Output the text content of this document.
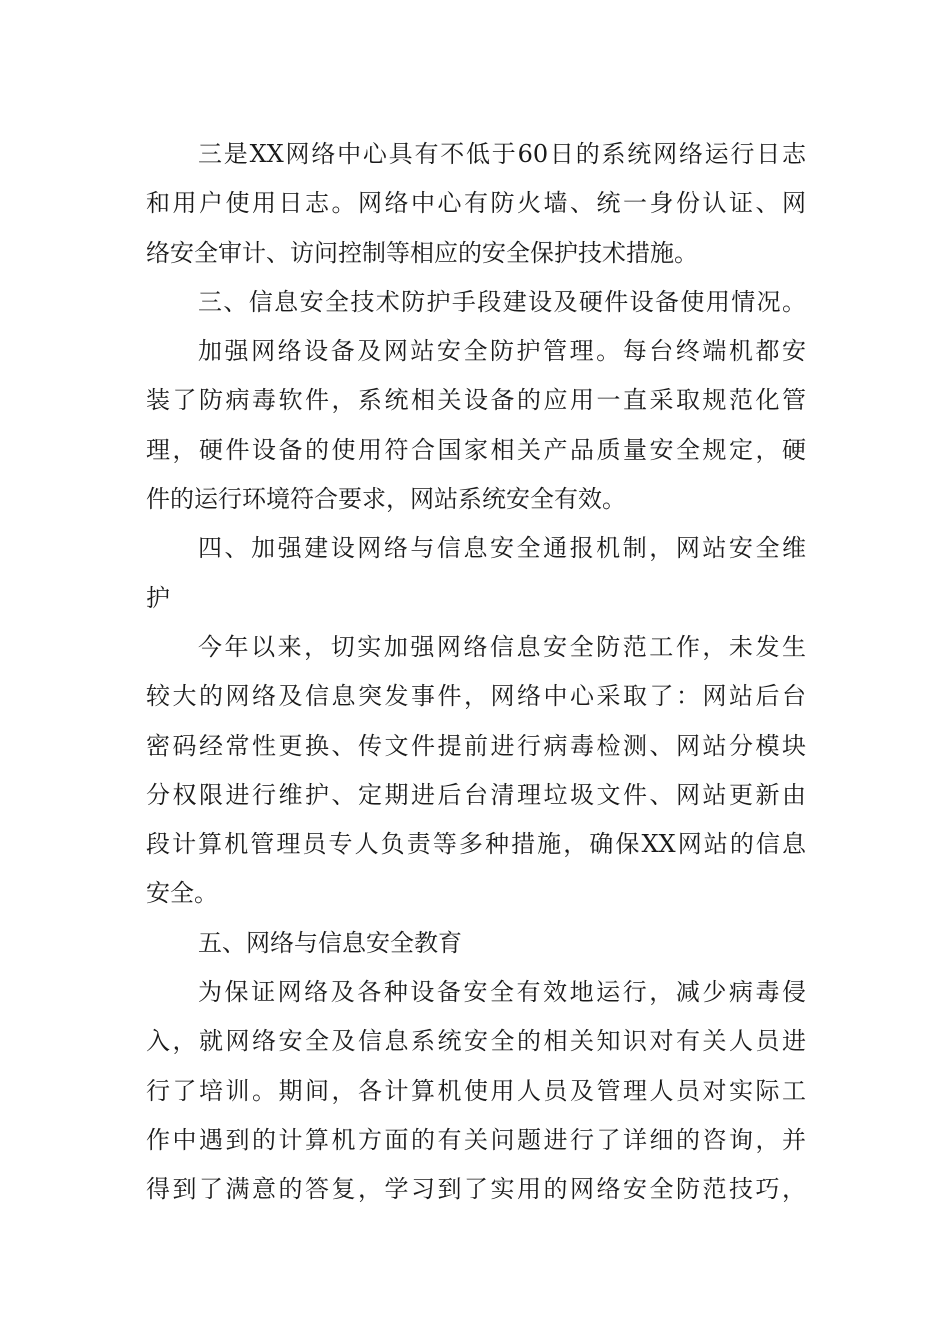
三是XX网络中心具有不低于60日的系统网络运行日志
和用户使用日志。网络中心有防火墙、统一身份认证、网
络安全审计、访问控制等相应的安全保护技术措施。
三、信息安全技术防护手段建设及硬件设备使用情况。
加强网络设备及网站安全防护管理。每台终端机都安
装了防病毒软件，系统相关设备的应用一直采取规范化管
理，硬件设备的使用符合国家相关产品质量安全规定，硬
件的运行环境符合要求，网站系统安全有效。
四、加强建设网络与信息安全通报机制，网站安全维
护
今年以来，切实加强网络信息安全防范工作，未发生
较大的网络及信息突发事件，网络中心采取了：网站后台
密码经常性更换、传文件提前进行病毒检测、网站分模块
分权限进行维护、定期进后台清理垃圾文件、网站更新由
段计算机管理员专人负责等多种措施，确保XX网站的信息
安全。
五、网络与信息安全教育
为保证网络及各种设备安全有效地运行，减少病毒侵
入，就网络安全及信息系统安全的相关知识对有关人员进
行了培训。期间，各计算机使用人员及管理人员对实际工
作中遇到的计算机方面的有关问题进行了详细的咨询，并
得到了满意的答复，学习到了实用的网络安全防范技巧，
